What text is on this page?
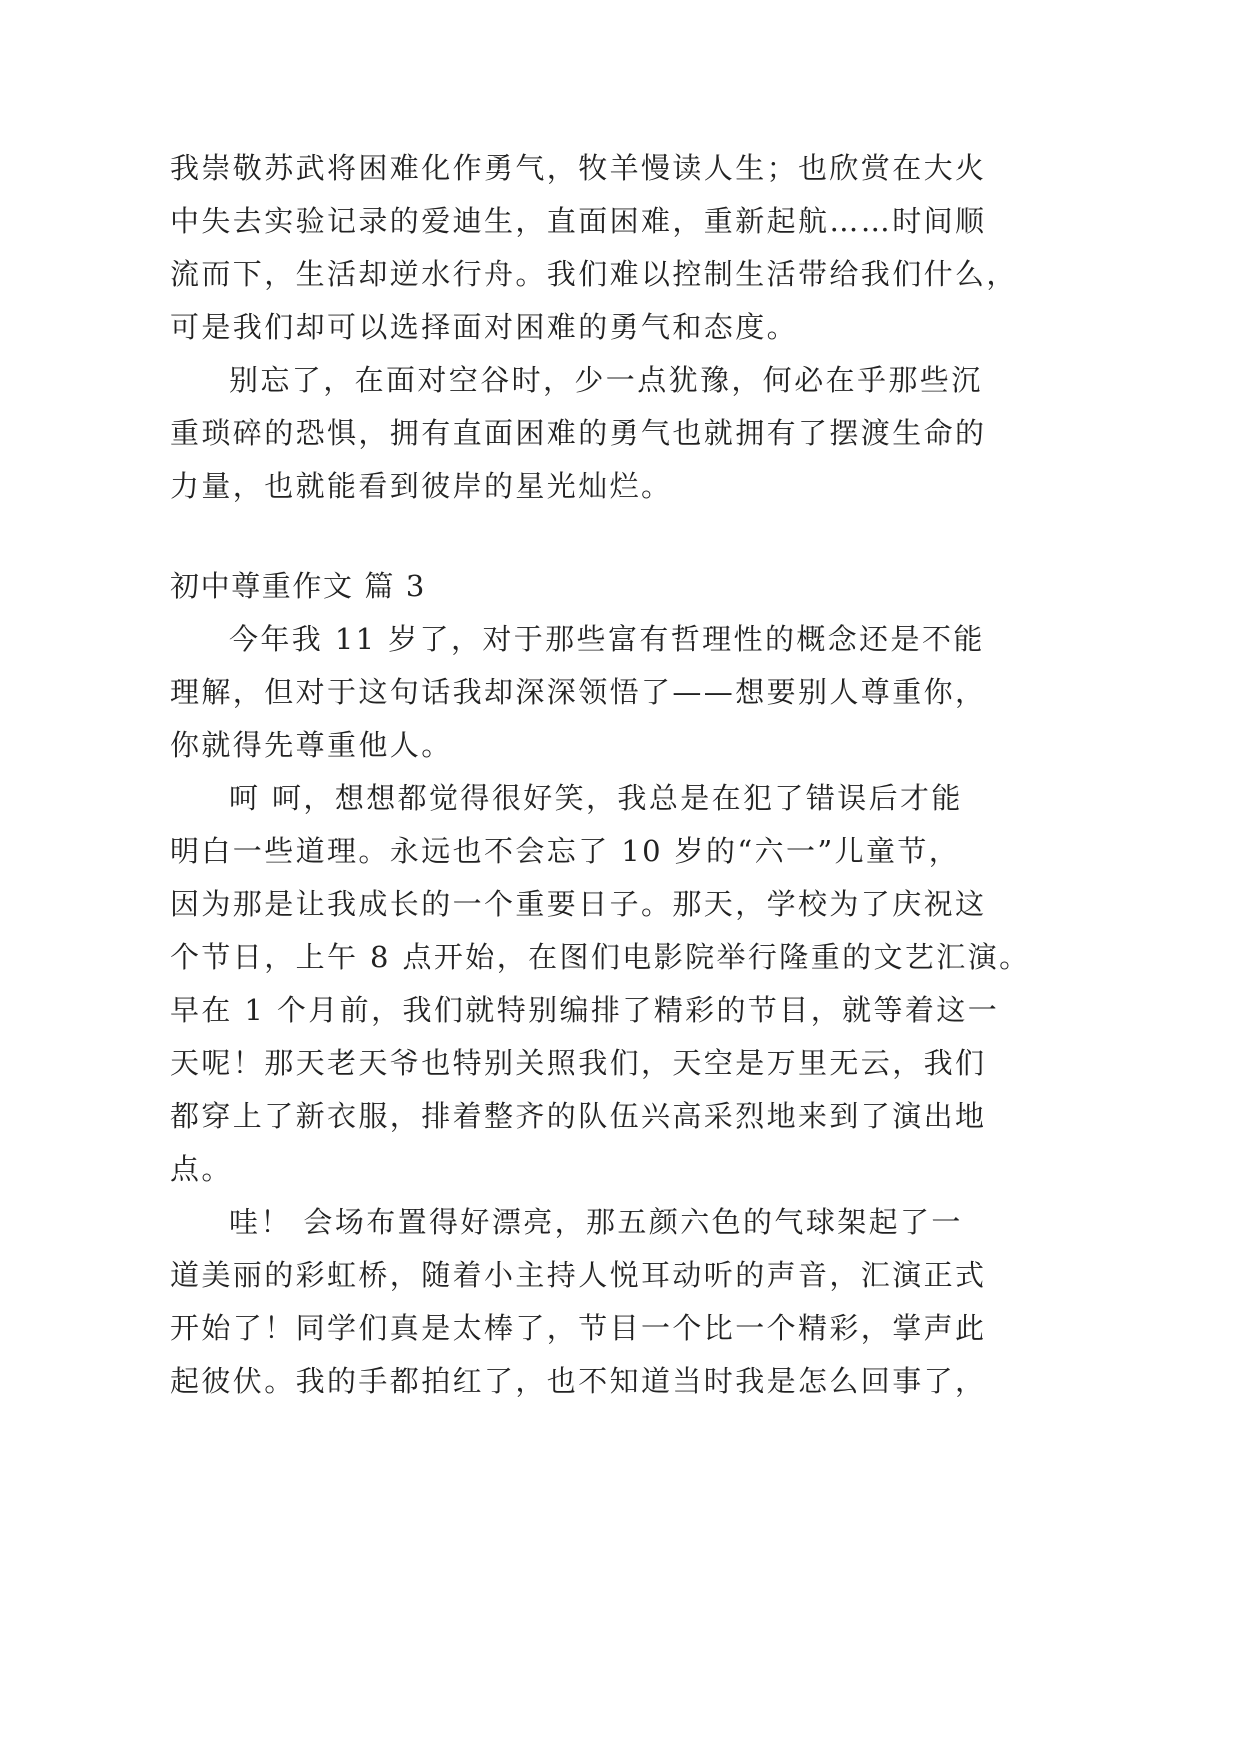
我崇敬苏武将困难化作勇气，牧羊慢读人生；也欣赏在大火
中失去实验记录的爱迪生，直面困难，重新起航……时间顺
流而下，生活却逆水行舟。我们难以控制生活带给我们什么，
可是我们却可以选择面对困难的勇气和态度。
别忘了，在面对空谷时，少一点犹豫，何必在乎那些沉
重琐碎的恐惧，拥有直面困难的勇气也就拥有了摆渡生命的
力量，也就能看到彼岸的星光灿烂。
初中尊重作文 篇 3
今年我 11 岁了，对于那些富有哲理性的概念还是不能
理解，但对于这句话我却深深领悟了——想要别人尊重你，
你就得先尊重他人。
呵 呵，想想都觉得很好笑，我总是在犯了错误后才能
明白一些道理。永远也不会忘了 10 岁的“六一”儿童节，
因为那是让我成长的一个重要日子。那天，学校为了庆祝这
个节日，上午 8 点开始，在图们电影院举行隆重的文艺汇演。
早在 1 个月前，我们就特别编排了精彩的节目，就等着这一
天呢！那天老天爷也特别关照我们，天空是万里无云，我们
都穿上了新衣服，排着整齐的队伍兴高采烈地来到了演出地
点。
哇！ 会场布置得好漂亮，那五颜六色的气球架起了一
道美丽的彩虹桥，随着小主持人悦耳动听的声音，汇演正式
开始了！同学们真是太棒了，节目一个比一个精彩，掌声此
起彼伏。我的手都拍红了，也不知道当时我是怎么回事了，
